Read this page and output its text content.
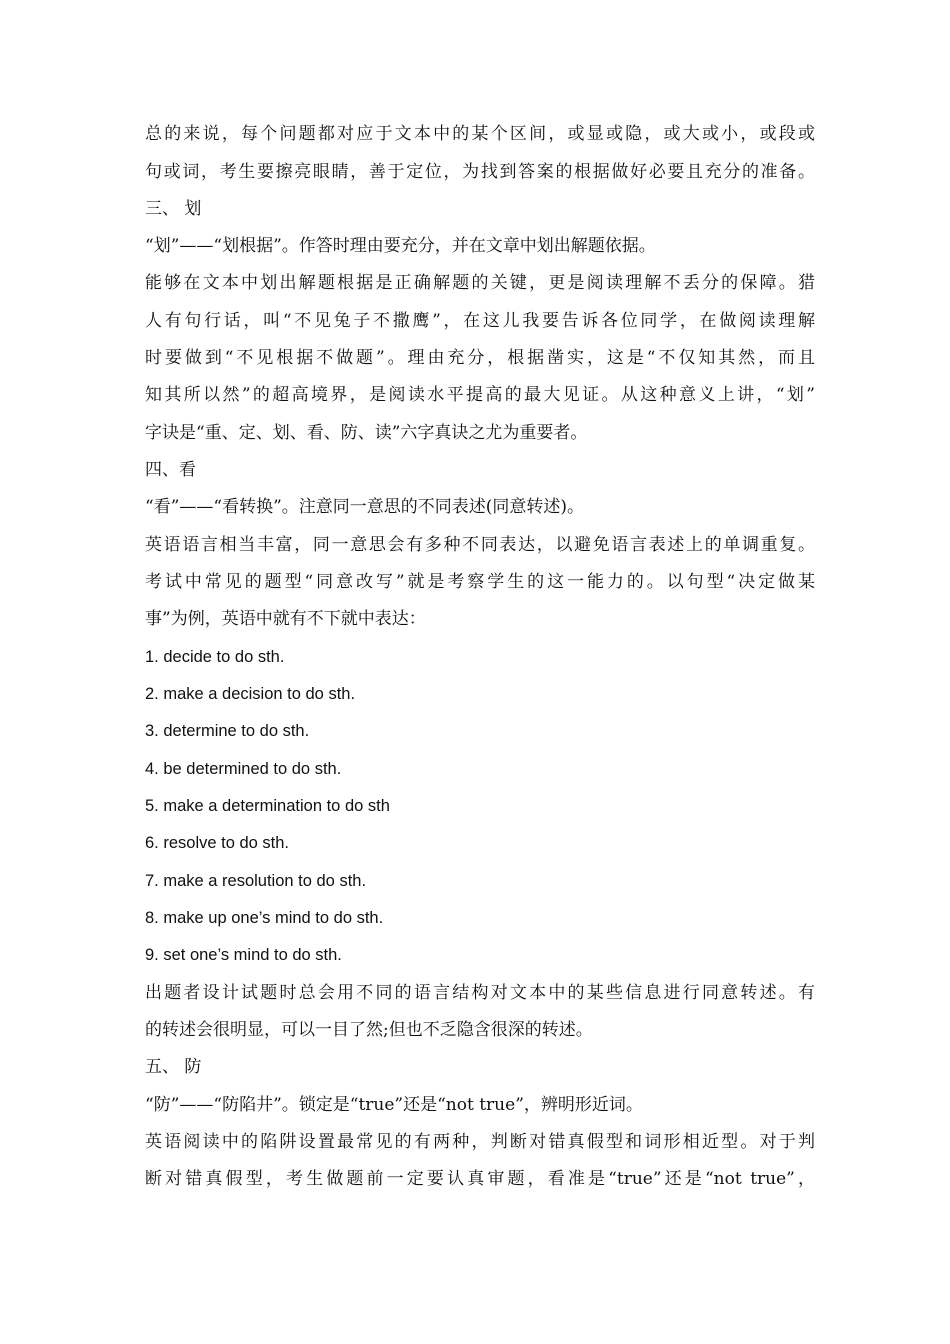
总的来说，每个问题都对应于文本中的某个区间，或显或隐，或大或小，或段或
句或词，考生要擦亮眼睛，善于定位，为找到答案的根据做好必要且充分的准备。
三、 划
“划”——“划根据”。作答时理由要充分，并在文章中划出解题依据。
能够在文本中划出解题根据是正确解题的关键，更是阅读理解不丢分的保障。猎
人有句行话，叫“不见兔子不撒鹰”，在这儿我要告诉各位同学，在做阅读理解
时要做到“不见根据不做题”。理由充分，根据凿实，这是“不仅知其然，而且
知其所以然”的超高境界，是阅读水平提高的最大见证。从这种意义上讲，“划”
字诀是“重、定、划、看、防、读”六字真诀之尤为重要者。
四、看
“看”——“看转换”。注意同一意思的不同表述(同意转述)。
英语语言相当丰富，同一意思会有多种不同表达，以避免语言表述上的单调重复。
考试中常见的题型“同意改写”就是考察学生的这一能力的。以句型“决定做某
事”为例，英语中就有不下就中表达：
1. decide to do sth.
2. make a decision to do sth.
3. determine to do sth.
4. be determined to do sth.
5. make a determination to do sth
6. resolve to do sth.
7. make a resolution to do sth.
8. make up one’s mind to do sth.
9. set one’s mind to do sth.
出题者设计试题时总会用不同的语言结构对文本中的某些信息进行同意转述。有
的转述会很明显，可以一目了然;但也不乏隐含很深的转述。
五、 防
“防”——“防陷井”。锁定是“true”还是“not true”，辨明形近词。
英语阅读中的陷阱设置最常见的有两种，判断对错真假型和词形相近型。对于判
断对错真假型，考生做题前一定要认真审题，看准是“true”还是“not true”，
